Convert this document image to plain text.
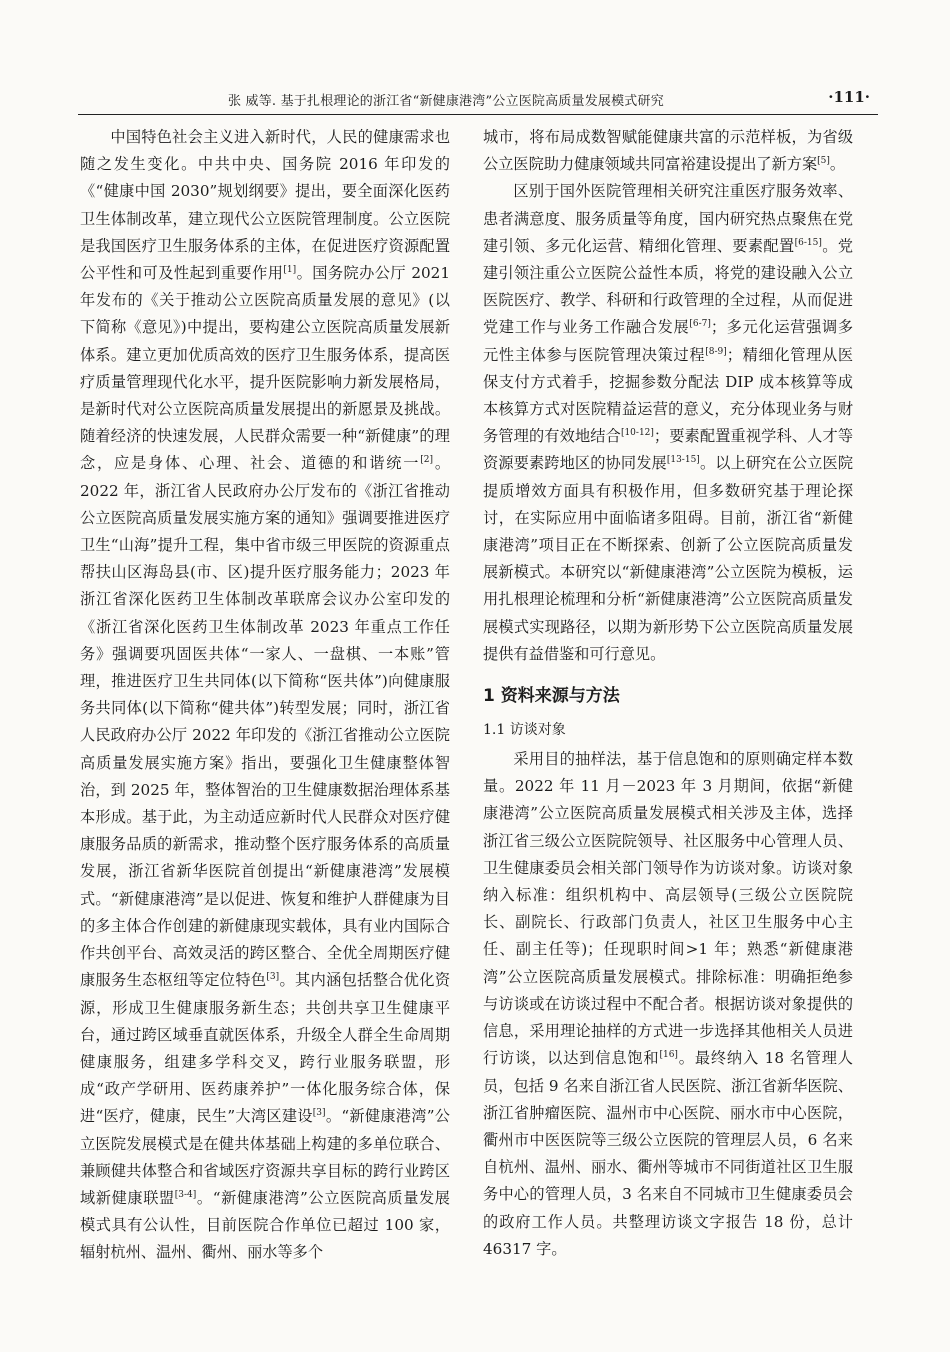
张 威等. 基于扎根理论的浙江省“新健康港湾”公立医院高质量发展模式研究	·111·

中国特色社会主义进入新时代，人民的健康需求也随之发生变化。中共中央、国务院 2016 年印发的《“健康中国 2030”规划纲要》提出，要全面深化医药卫生体制改革，建立现代公立医院管理制度。公立医院是我国医疗卫生服务体系的主体，在促进医疗资源配置公平性和可及性起到重要作用[1]。国务院办公厅 2021 年发布的《关于推动公立医院高质量发展的意见》(以下简称《意见》)中提出，要构建公立医院高质量发展新体系。建立更加优质高效的医疗卫生服务体系，提高医疗质量管理现代化水平，提升医院影响力新发展格局，是新时代对公立医院高质量发展提出的新愿景及挑战。随着经济的快速发展，人民群众需要一种“新健康”的理念，应是身体、心理、社会、道德的和谐统一[2]。2022 年，浙江省人民政府办公厅发布的《浙江省推动公立医院高质量发展实施方案的通知》强调要推进医疗卫生“山海”提升工程，集中省市级三甲医院的资源重点帮扶山区海岛县(市、区)提升医疗服务能力；2023 年浙江省深化医药卫生体制改革联席会议办公室印发的《浙江省深化医药卫生体制改革 2023 年重点工作任务》强调要巩固医共体“一家人、一盘棋、一本账”管理，推进医疗卫生共同体(以下简称“医共体”)向健康服务共同体(以下简称“健共体”)转型发展；同时，浙江省人民政府办公厅 2022 年印发的《浙江省推动公立医院高质量发展实施方案》指出，要强化卫生健康整体智治，到 2025 年，整体智治的卫生健康数据治理体系基本形成。基于此，为主动适应新时代人民群众对医疗健康服务品质的新需求，推动整个医疗服务体系的高质量发展，浙江省新华医院首创提出“新健康港湾”发展模式。“新健康港湾”是以促进、恢复和维护人群健康为目的多主体合作创建的新健康现实载体，具有业内国际合作共创平台、高效灵活的跨区整合、全优全周期医疗健康服务生态枢纽等定位特色[3]。其内涵包括整合优化资源，形成卫生健康服务新生态；共创共享卫生健康平台，通过跨区域垂直就医体系，升级全人群全生命周期健康服务，组建多学科交叉，跨行业服务联盟，形成“政产学研用、医药康养护”一体化服务综合体，保进“医疗，健康，民生”大湾区建设[3]。“新健康港湾”公立医院发展模式是在健共体基础上构建的多单位联合、兼顾健共体整合和省域医疗资源共享目标的跨行业跨区域新健康联盟[3-4]。“新健康港湾”公立医院高质量发展模式具有公认性，目前医院合作单位已超过 100 家，辐射杭州、温州、衢州、丽水等多个

城市，将布局成数智赋能健康共富的示范样板，为省级公立医院助力健康领域共同富裕建设提出了新方案[5]。

区别于国外医院管理相关研究注重医疗服务效率、患者满意度、服务质量等角度，国内研究热点聚焦在党建引领、多元化运营、精细化管理、要素配置[6-15]。党建引领注重公立医院公益性本质，将党的建设融入公立医院医疗、教学、科研和行政管理的全过程，从而促进党建工作与业务工作融合发展[6-7]；多元化运营强调多元性主体参与医院管理决策过程[8-9]；精细化管理从医保支付方式着手，挖掘参数分配法 DIP 成本核算等成本核算方式对医院精益运营的意义，充分体现业务与财务管理的有效地结合[10-12]；要素配置重视学科、人才等资源要素跨地区的协同发展[13-15]。以上研究在公立医院提质增效方面具有积极作用，但多数研究基于理论探讨，在实际应用中面临诸多阻碍。目前，浙江省“新健康港湾”项目正在不断探索、创新了公立医院高质量发展新模式。本研究以“新健康港湾”公立医院为模板，运用扎根理论梳理和分析“新健康港湾”公立医院高质量发展模式实现路径，以期为新形势下公立医院高质量发展提供有益借鉴和可行意见。

1 资料来源与方法
1.1 访谈对象

采用目的抽样法，基于信息饱和的原则确定样本数量。2022 年 11 月－2023 年 3 月期间，依据“新健康港湾”公立医院高质量发展模式相关涉及主体，选择浙江省三级公立医院院领导、社区服务中心管理人员、卫生健康委员会相关部门领导作为访谈对象。访谈对象纳入标准：组织机构中、高层领导(三级公立医院院长、副院长、行政部门负责人，社区卫生服务中心主任、副主任等)；任现职时间>1 年；熟悉“新健康港湾”公立医院高质量发展模式。排除标准：明确拒绝参与访谈或在访谈过程中不配合者。根据访谈对象提供的信息，采用理论抽样的方式进一步选择其他相关人员进行访谈，以达到信息饱和[16]。最终纳入 18 名管理人员，包括 9 名来自浙江省人民医院、浙江省新华医院、浙江省肿瘤医院、温州市中心医院、丽水市中心医院，衢州市中医医院等三级公立医院的管理层人员，6 名来自杭州、温州、丽水、衢州等城市不同街道社区卫生服务中心的管理人员，3 名来自不同城市卫生健康委员会的政府工作人员。共整理访谈文字报告 18 份，总计 46317 字。
